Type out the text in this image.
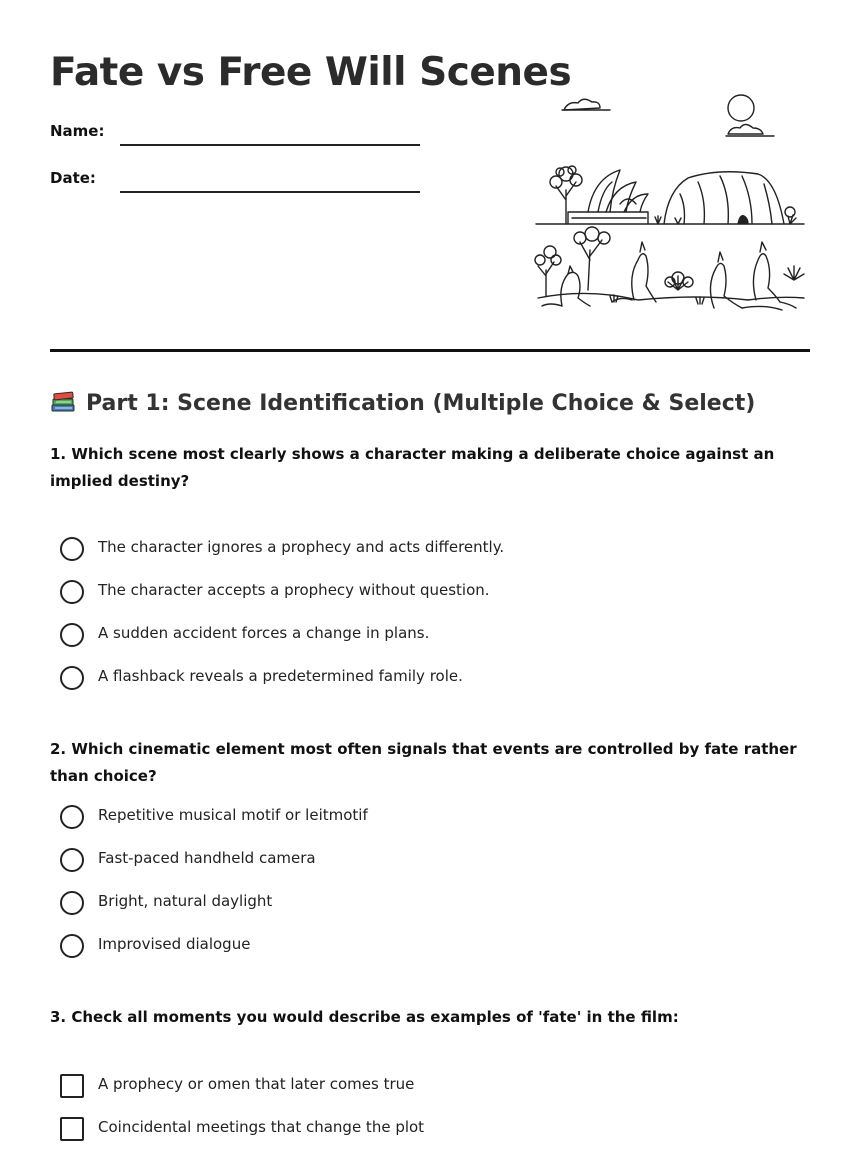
Fate vs Free Will Scenes
Name:
Date:
Part 1: Scene Identification (Multiple Choice & Select)

1. Which scene most clearly shows a character making a deliberate choice against an implied destiny?

The character ignores a prophecy and acts differently.
The character accepts a prophecy without question.
A sudden accident forces a change in plans.
A flashback reveals a predetermined family role.

2. Which cinematic element most often signals that events are controlled by fate rather than choice?

Repetitive musical motif or leitmotif
Fast-paced handheld camera
Bright, natural daylight
Improvised dialogue

3. Check all moments you would describe as examples of 'fate' in the film:

A prophecy or omen that later comes true
Coincidental meetings that change the plot
